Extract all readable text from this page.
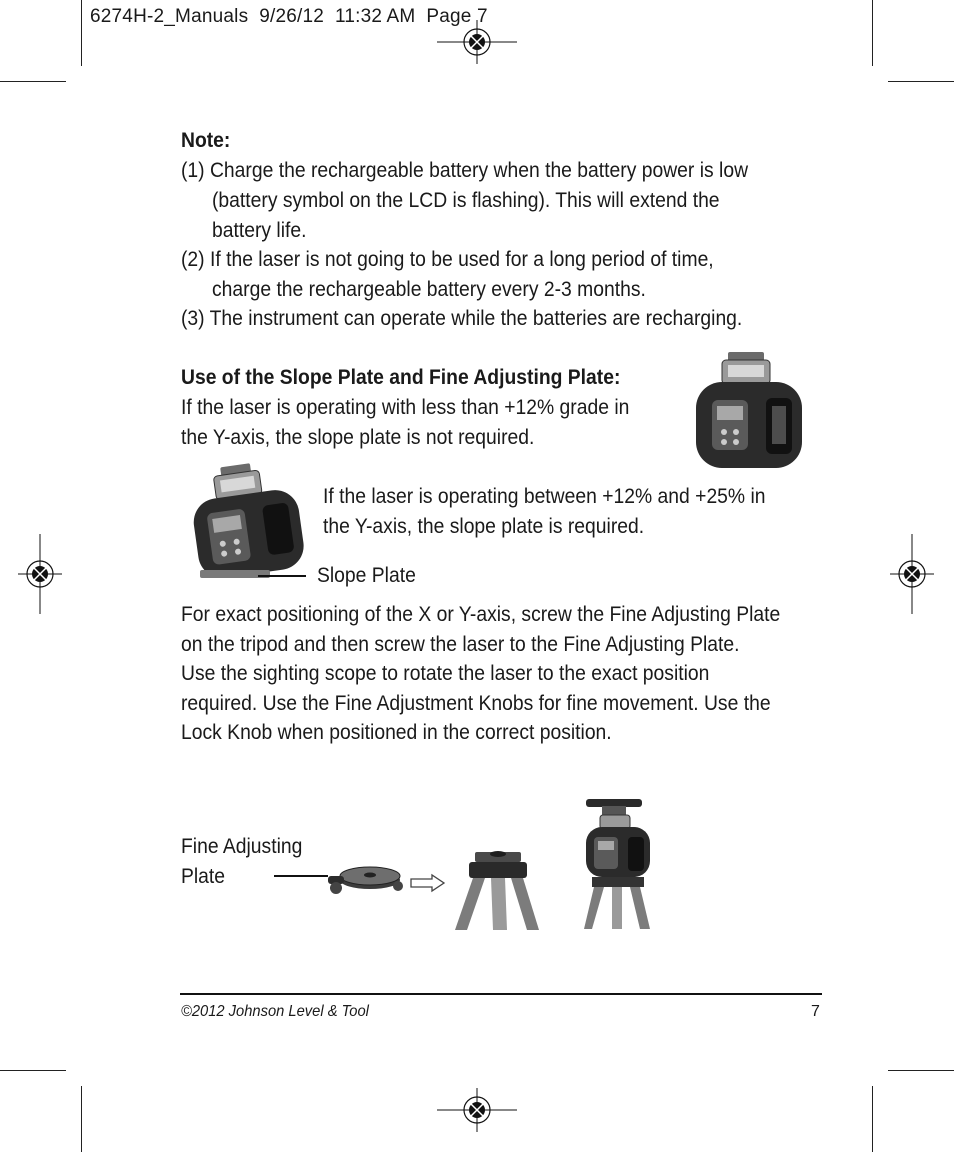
6274H-2_Manuals  9/26/12  11:32 AM  Page 7
Note:
(1) Charge the rechargeable battery when the battery power is low
(battery symbol on the LCD is flashing). This will extend the
battery life.
(2) If the laser is not going to be used for a long period of time,
charge the rechargeable battery every 2-3 months.
(3) The instrument can operate while the batteries are recharging.
Use of the Slope Plate and Fine Adjusting Plate:
If the laser is operating with less than +12% grade in
the Y-axis, the slope plate is not required.
If the laser is operating between +12% and +25% in
the Y-axis, the slope plate is required.
Slope Plate
For exact positioning of the X or Y-axis, screw the Fine Adjusting Plate
on the tripod and then screw the laser to the Fine Adjusting Plate.
Use the sighting scope to rotate the laser to the exact position
required. Use the Fine Adjustment Knobs for fine movement. Use the
Lock Knob when positioned in the correct position.
Fine Adjusting
Plate
©2012 Johnson Level & Tool	7
